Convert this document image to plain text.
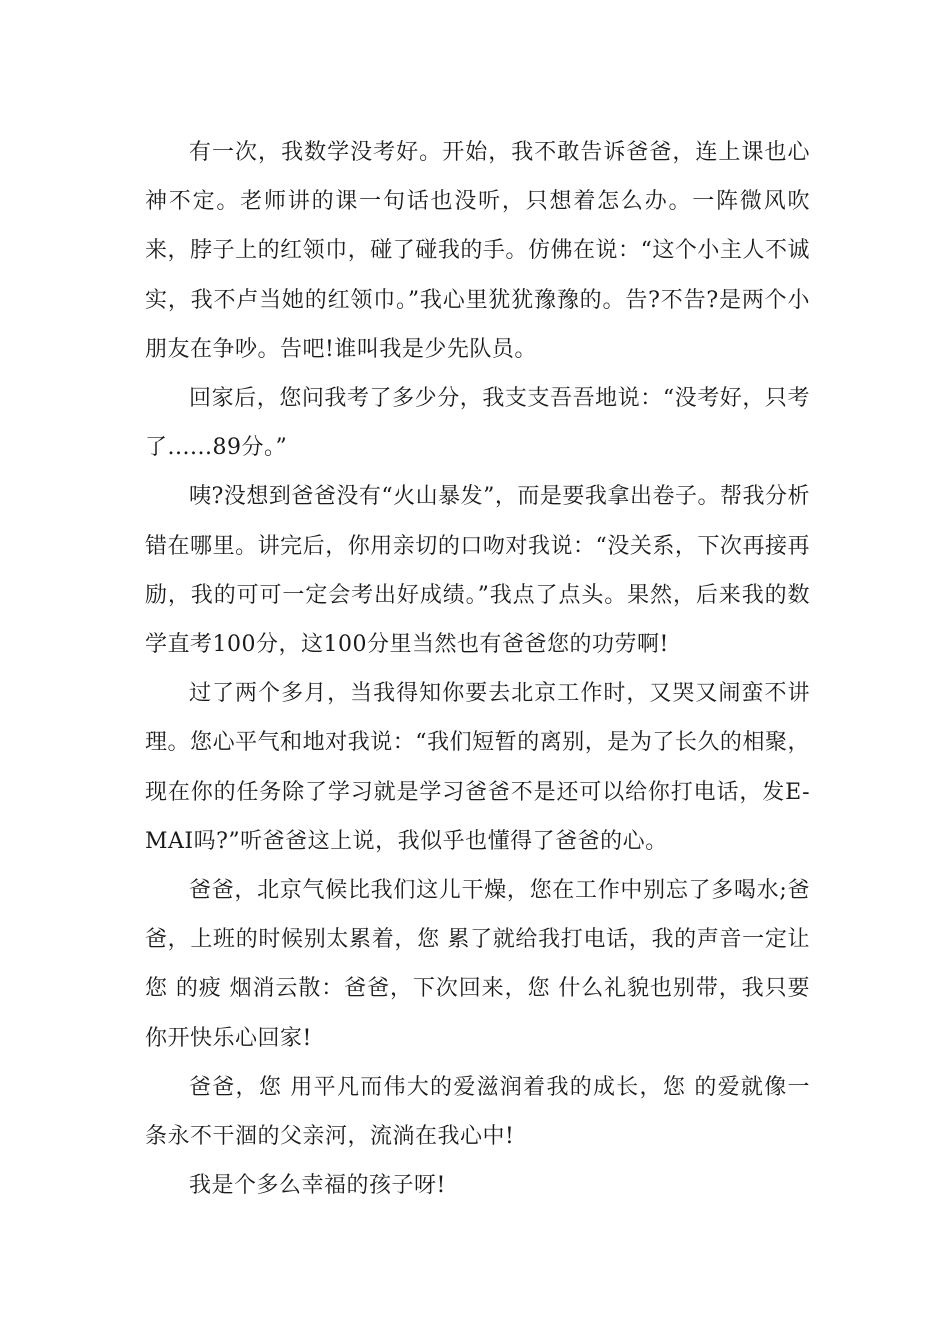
有一次，我数学没考好。开始，我不敢告诉爸爸，连上课也心神不定。老师讲的课一句话也没听，只想着怎么办。一阵微风吹来，脖子上的红领巾，碰了碰我的手。仿佛在说：“这个小主人不诚实，我不卢当她的红领巾。”我心里犹犹豫豫的。告?不告?是两个小朋友在争吵。告吧!谁叫我是少先队员。

回家后，您问我考了多少分，我支支吾吾地说：“没考好，只考了......89分。”

咦?没想到爸爸没有“火山暴发”，而是要我拿出卷子。帮我分析错在哪里。讲完后，你用亲切的口吻对我说：“没关系，下次再接再励，我的可可一定会考出好成绩。”我点了点头。果然，后来我的数学直考100分，这100分里当然也有爸爸您的功劳啊!

过了两个多月，当我得知你要去北京工作时，又哭又闹蛮不讲理。您心平气和地对我说：“我们短暂的离别，是为了长久的相聚，现在你的任务除了学习就是学习爸爸不是还可以给你打电话，发E-MAI吗?”听爸爸这上说，我似乎也懂得了爸爸的心。

爸爸，北京气候比我们这儿干燥，您在工作中别忘了多喝水;爸爸，上班的时候别太累着，您 累了就给我打电话，我的声音一定让您 的疲 烟消云散：爸爸，下次回来，您 什么礼貌也别带，我只要你开快乐心回家!

爸爸，您 用平凡而伟大的爱滋润着我的成长，您 的爱就像一条永不干涸的父亲河，流淌在我心中!

我是个多么幸福的孩子呀!
